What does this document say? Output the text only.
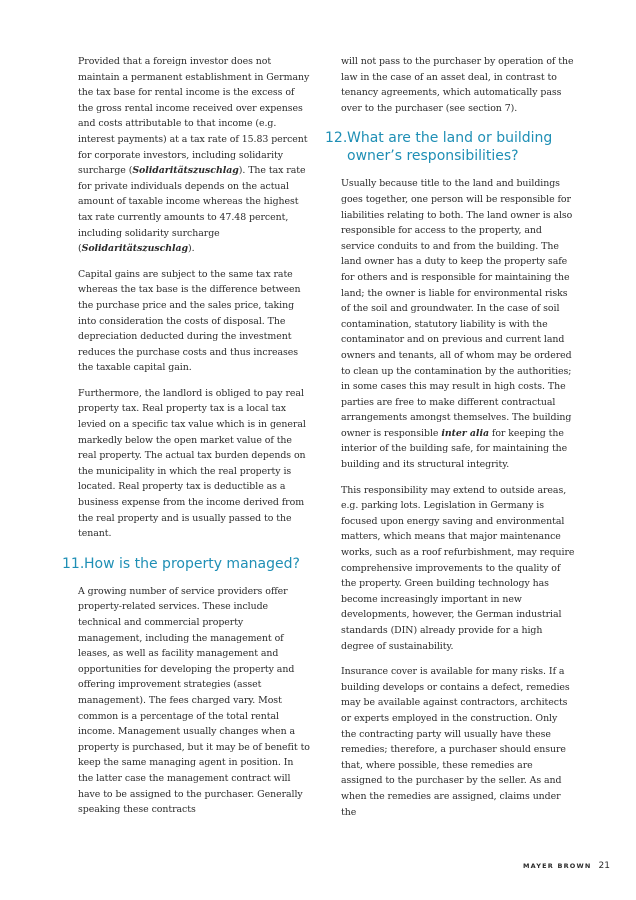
Provided that a foreign investor does not maintain a permanent establishment in Germany the tax base for rental income is the excess of the gross rental income received over expenses and costs attributable to that income (e.g. interest payments) at a tax rate of 15.83 percent for corporate investors, including solidarity surcharge (Solidaritätszuschlag). The tax rate for private individuals depends on the actual amount of taxable income whereas the highest tax rate currently amounts to 47.48 percent, including solidarity surcharge (Solidaritätszuschlag).

Capital gains are subject to the same tax rate whereas the tax base is the difference between the purchase price and the sales price, taking into consideration the costs of disposal. The depreciation deducted during the investment reduces the purchase costs and thus increases the taxable capital gain.

Furthermore, the landlord is obliged to pay real property tax. Real property tax is a local tax levied on a specific tax value which is in general markedly below the open market value of the real property. The actual tax burden depends on the municipality in which the real property is located. Real property tax is deductible as a business expense from the income derived from the real property and is usually passed to the tenant.

11. How is the property managed?

A growing number of service providers offer property-related services. These include technical and commercial property management, including the management of leases, as well as facility management and opportunities for developing the property and offering improvement strategies (asset management). The fees charged vary. Most common is a percentage of the total rental income. Management usually changes when a property is purchased, but it may be of benefit to keep the same managing agent in position. In the latter case the management contract will have to be assigned to the purchaser. Generally speaking these contracts

will not pass to the purchaser by operation of the law in the case of an asset deal, in contrast to tenancy agreements, which automatically pass over to the purchaser (see section 7).

12. What are the land or building owner’s responsibilities?

Usually because title to the land and buildings goes together, one person will be responsible for liabilities relating to both. The land owner is also responsible for access to the property, and service conduits to and from the building. The land owner has a duty to keep the property safe for others and is responsible for maintaining the land; the owner is liable for environmental risks of the soil and groundwater. In the case of soil contamination, statutory liability is with the contaminator and on previous and current land owners and tenants, all of whom may be ordered to clean up the contamination by the authorities; in some cases this may result in high costs. The parties are free to make different contractual arrangements amongst themselves. The building owner is responsible inter alia for keeping the interior of the building safe, for maintaining the building and its structural integrity.

This responsibility may extend to outside areas, e.g. parking lots. Legislation in Germany is focused upon energy saving and environmental matters, which means that major maintenance works, such as a roof refurbishment, may require comprehensive improvements to the quality of the property. Green building technology has become increasingly important in new developments, however, the German industrial standards (DIN) already provide for a high degree of sustainability.

Insurance cover is available for many risks. If a building develops or contains a defect, remedies may be available against contractors, architects or experts employed in the construction. Only the contracting party will usually have these remedies; therefore, a purchaser should ensure that, where possible, these remedies are assigned to the purchaser by the seller. As and when the remedies are assigned, claims under the

MAYER BROWN 21
